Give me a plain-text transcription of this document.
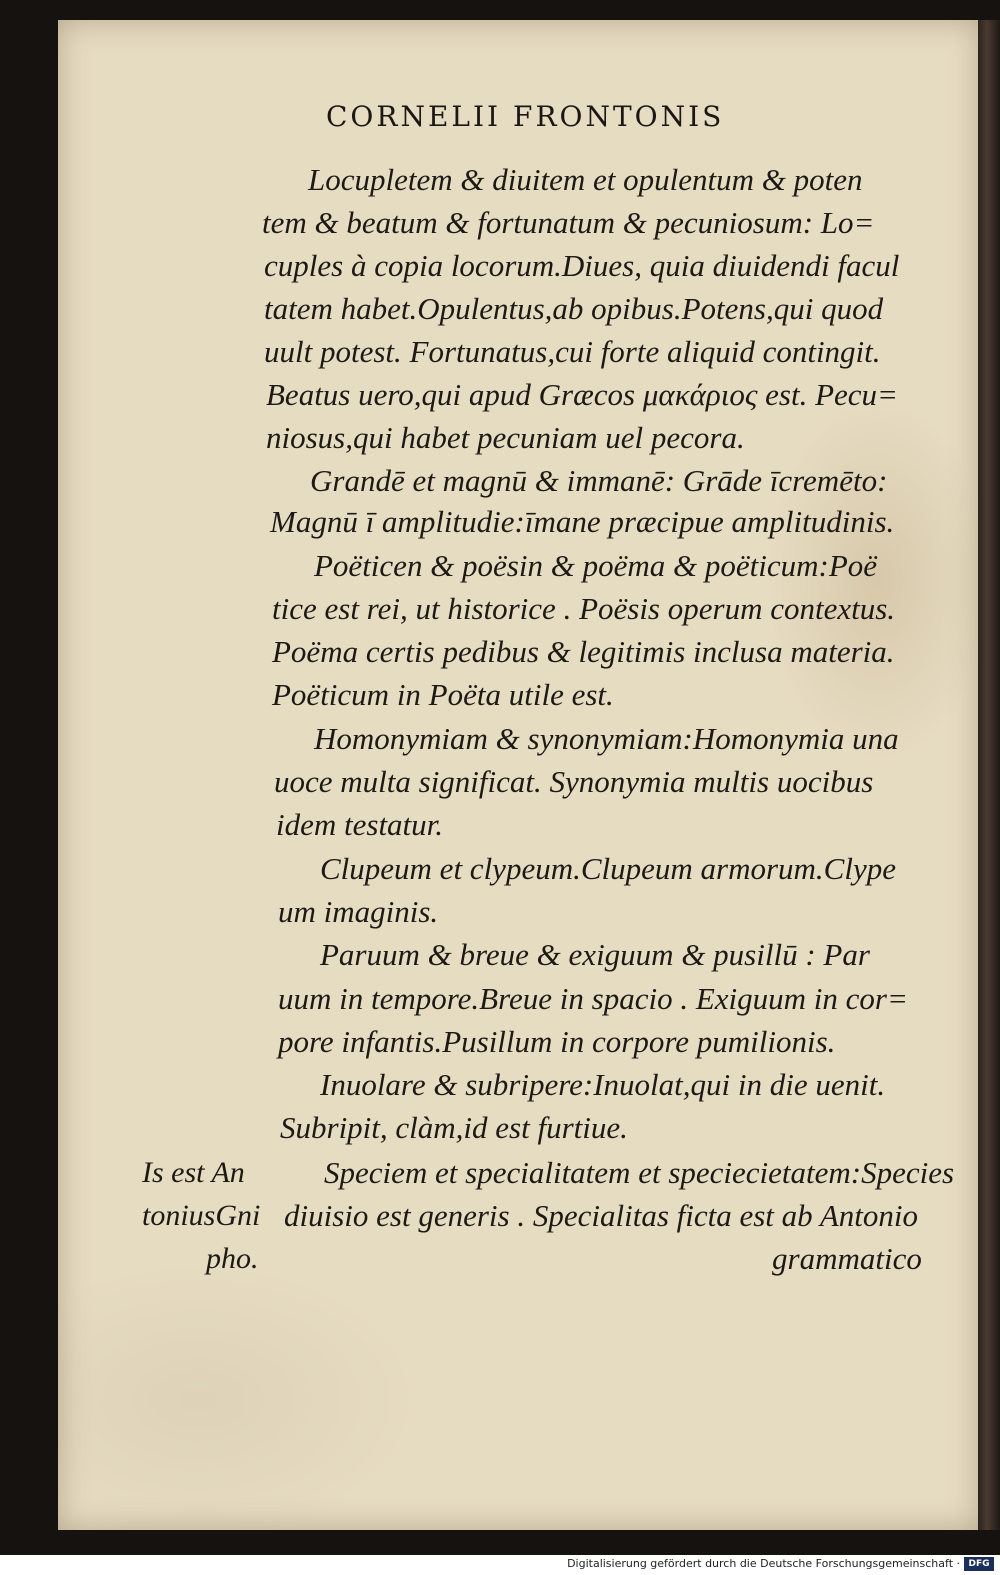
CORNELII FRONTONIS
Locupletem & diuitem et opulentum & poten
tem & beatum & fortunatum & pecuniosum: Lo=
cuples à copia locorum.Diues, quia diuidendi facul
tatem habet.Opulentus,ab opibus.Potens,qui quod
uult potest. Fortunatus,cui forte aliquid contingit.
Beatus uero,qui apud Græcos μακάριος est. Pecu=
niosus,qui habet pecuniam uel pecora.
Grandē et magnū & immanē: Grāde īcremēto:
Magnū ī amplitudie:īmane præcipue amplitudinis.
Poëticen & poësin & poëma & poëticum:Poë
tice est rei, ut historice . Poësis operum contextus.
Poëma certis pedibus & legitimis inclusa materia.
Poëticum in Poëta utile est.
Homonymiam & synonymiam:Homonymia una
uoce multa significat. Synonymia multis uocibus
idem testatur.
Clupeum et clypeum.Clupeum armorum.Clype
um imaginis.
Paruum & breue & exiguum & pusillū : Par
uum in tempore.Breue in spacio . Exiguum in cor=
pore infantis.Pusillum in corpore pumilionis.
Inuolare & subripere:Inuolat,qui in die uenit.
Subripit, clàm,id est furtiue.
Speciem et specialitatem et speciecietatem:Species
diuisio est generis . Specialitas ficta est ab Antonio
grammatico
Is est An
toniusGni
pho.
Digitalisierung gefördert durch die Deutsche Forschungsgemeinschaft · DFG
